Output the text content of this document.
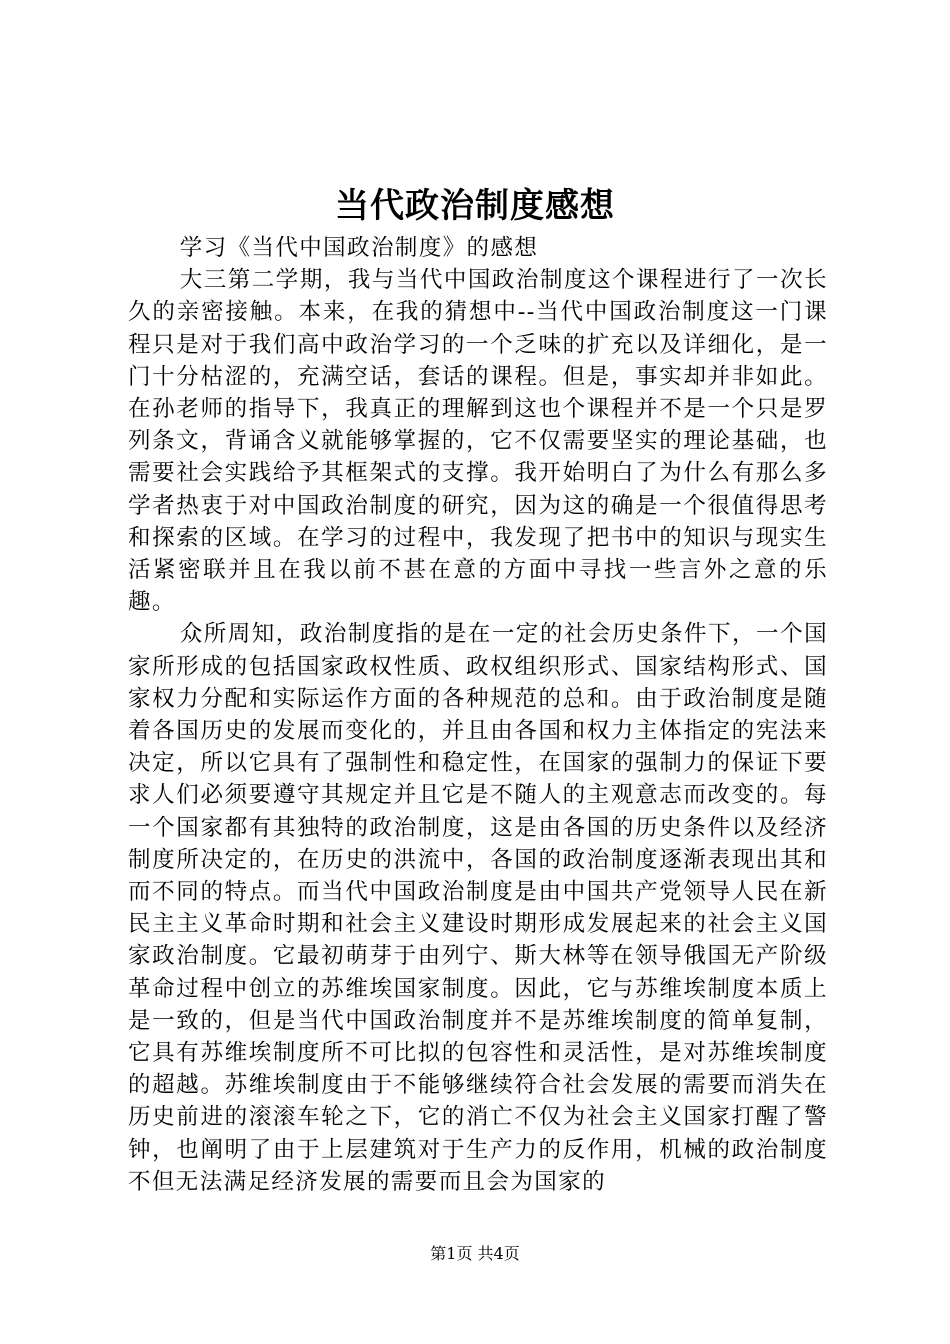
当代政治制度感想

学习《当代中国政治制度》的感想

大三第二学期，我与当代中国政治制度这个课程进行了一次长久的亲密接触。本来，在我的猜想中--当代中国政治制度这一门课程只是对于我们高中政治学习的一个乏味的扩充以及详细化，是一门十分枯涩的，充满空话，套话的课程。但是，事实却并非如此。在孙老师的指导下，我真正的理解到这也个课程并不是一个只是罗列条文，背诵含义就能够掌握的，它不仅需要坚实的理论基础，也需要社会实践给予其框架式的支撑。我开始明白了为什么有那么多学者热衷于对中国政治制度的研究，因为这的确是一个很值得思考和探索的区域。在学习的过程中，我发现了把书中的知识与现实生活紧密联并且在我以前不甚在意的方面中寻找一些言外之意的乐趣。

众所周知，政治制度指的是在一定的社会历史条件下，一个国家所形成的包括国家政权性质、政权组织形式、国家结构形式、国家权力分配和实际运作方面的各种规范的总和。由于政治制度是随着各国历史的发展而变化的，并且由各国和权力主体指定的宪法来决定，所以它具有了强制性和稳定性，在国家的强制力的保证下要求人们必须要遵守其规定并且它是不随人的主观意志而改变的。每一个国家都有其独特的政治制度，这是由各国的历史条件以及经济制度所决定的，在历史的洪流中，各国的政治制度逐渐表现出其和而不同的特点。而当代中国政治制度是由中国共产党领导人民在新民主主义革命时期和社会主义建设时期形成发展起来的社会主义国家政治制度。它最初萌芽于由列宁、斯大林等在领导俄国无产阶级革命过程中创立的苏维埃国家制度。因此，它与苏维埃制度本质上是一致的，但是当代中国政治制度并不是苏维埃制度的简单复制，它具有苏维埃制度所不可比拟的包容性和灵活性，是对苏维埃制度的超越。苏维埃制度由于不能够继续符合社会发展的需要而消失在历史前进的滚滚车轮之下，它的消亡不仅为社会主义国家打醒了警钟，也阐明了由于上层建筑对于生产力的反作用，机械的政治制度不但无法满足经济发展的需要而且会为国家的

第1页 共4页
